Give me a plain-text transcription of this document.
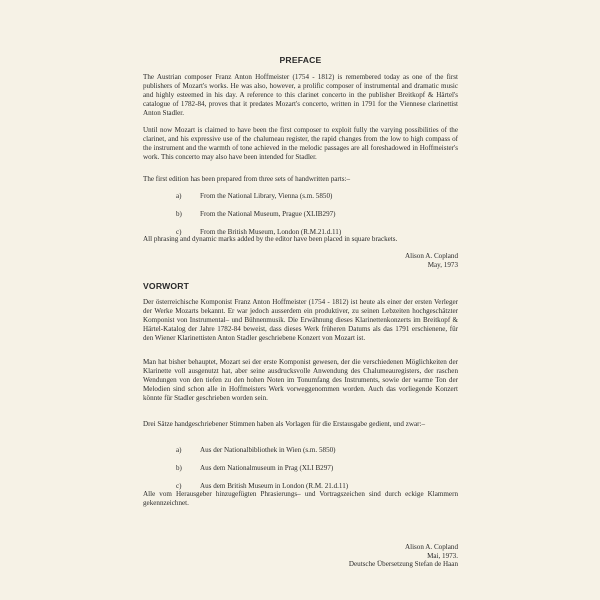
PREFACE

The Austrian composer Franz Anton Hoffmeister (1754 - 1812) is remembered today as one of the first publishers of Mozart's works. He was also, however, a prolific composer of instrumental and dramatic music and highly esteemed in his day. A reference to this clarinet concerto in the publisher Breitkopf & Härtel's catalogue of 1782-84, proves that it predates Mozart's concerto, written in 1791 for the Viennese clarinettist Anton Stadler.

Until now Mozart is claimed to have been the first composer to exploit fully the varying possibilities of the clarinet, and his expressive use of the chalumeau register, the rapid changes from the low to high compass of the instrument and the warmth of tone achieved in the melodic passages are all foreshadowed in Hoffmeister's work. This concerto may also have been intended for Stadler.

The first edition has been prepared from three sets of handwritten parts:–

a)	From the National Library, Vienna (s.m. 5850)
b)	From the National Museum, Prague (XLIB297)
c)	From the British Museum, London (R.M.21.d.11)

All phrasing and dynamic marks added by the editor have been placed in square brackets.

Alison A. Copland
May, 1973
VORWORT

Der österreichische Komponist Franz Anton Hoffmeister (1754 - 1812) ist heute als einer der ersten Verleger der Werke Mozarts bekannt. Er war jedoch ausserdem ein produktiver, zu seinen Lebzeiten hochgeschätzter Komponist von Instrumental– und Bühnenmusik. Die Erwähnung dieses Klarinettenkonzerts im Breitkopf & Härtel-Katalog der Jahre 1782-84 beweist, dass dieses Werk früheren Datums als das 1791 erschienene, für den Wiener Klarinettisten Anton Stadler geschriebene Konzert von Mozart ist.

Man hat bisher behauptet, Mozart sei der erste Komponist gewesen, der die verschiedenen Möglichkeiten der Klarinette voll ausgenutzt hat, aber seine ausdrucksvolle Anwendung des Chalumeauregisters, der raschen Wendungen von den tiefen zu den hohen Noten im Tonumfang des Instruments, sowie der warme Ton der Melodien sind schon alle in Hoffmeisters Werk vorweggenommen worden. Auch das vorliegende Konzert könnte für Stadler geschrieben worden sein.

Drei Sätze handgeschriebener Stimmen haben als Vorlagen für die Erstausgabe gedient, und zwar:–

a)	Aus der Nationalbibliothek in Wien (s.m. 5850)
b)	Aus dem Nationalmuseum in Prag (XLI B297)
c)	Aus dem British Museum in London (R.M. 21.d.11)

Alle vom Herausgeber hinzugefügten Phrasierungs– und Vortragszeichen sind durch eckige Klammern gekennzeichnet.

Alison A. Copland
Mai, 1973.
Deutsche Übersetzung Stefan de Haan
